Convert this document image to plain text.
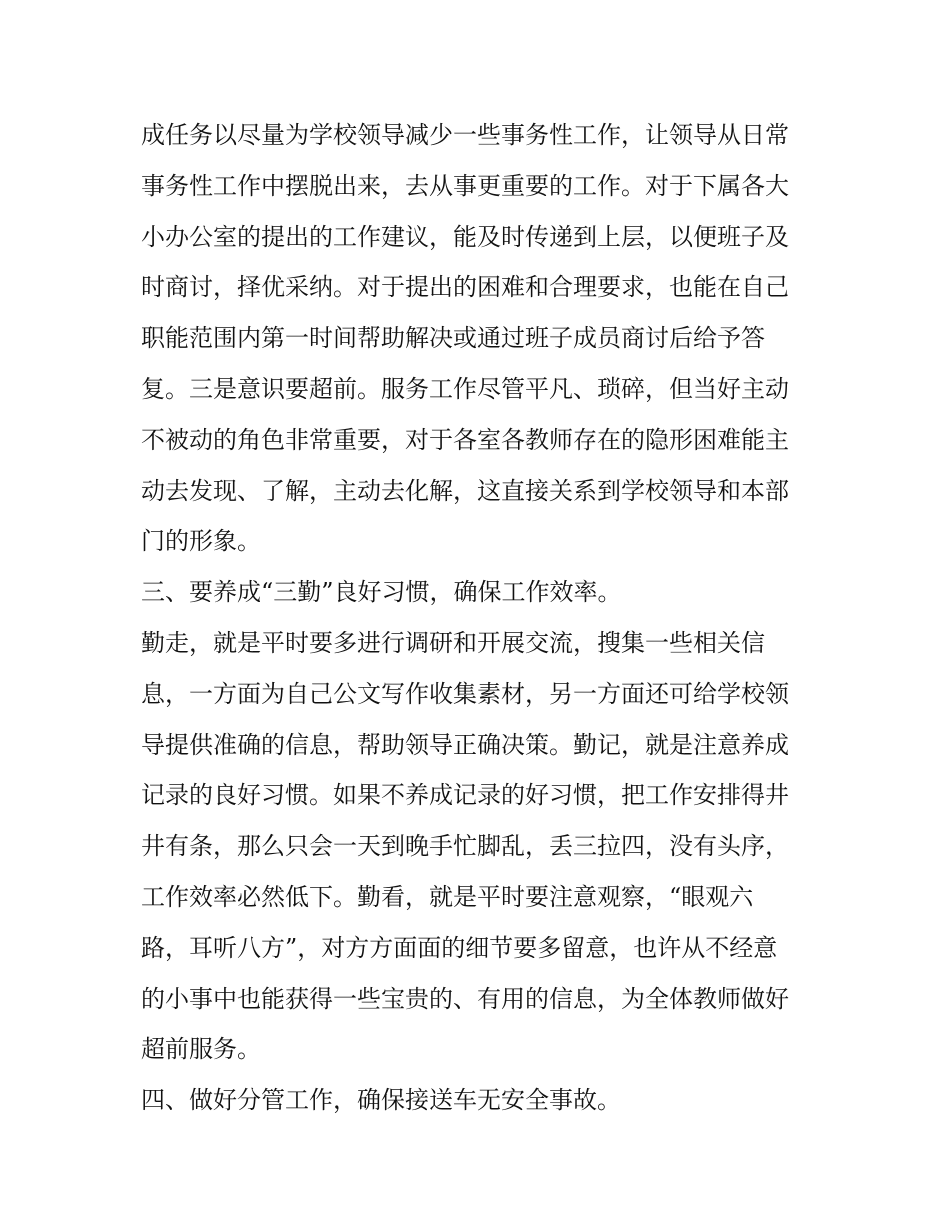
成任务以尽量为学校领导减少一些事务性工作，让领导从日常
事务性工作中摆脱出来，去从事更重要的工作。对于下属各大
小办公室的提出的工作建议，能及时传递到上层，以便班子及
时商讨，择优采纳。对于提出的困难和合理要求，也能在自己
职能范围内第一时间帮助解决或通过班子成员商讨后给予答
复。三是意识要超前。服务工作尽管平凡、琐碎，但当好主动
不被动的角色非常重要，对于各室各教师存在的隐形困难能主
动去发现、了解，主动去化解，这直接关系到学校领导和本部
门的形象。
三、要养成“三勤”良好习惯，确保工作效率。
勤走，就是平时要多进行调研和开展交流，搜集一些相关信
息，一方面为自己公文写作收集素材，另一方面还可给学校领
导提供准确的信息，帮助领导正确决策。勤记，就是注意养成
记录的良好习惯。如果不养成记录的好习惯，把工作安排得井
井有条，那么只会一天到晚手忙脚乱，丢三拉四，没有头序，
工作效率必然低下。勤看，就是平时要注意观察，“眼观六
路，耳听八方”，对方方面面的细节要多留意，也许从不经意
的小事中也能获得一些宝贵的、有用的信息，为全体教师做好
超前服务。
四、做好分管工作，确保接送车无安全事故。
